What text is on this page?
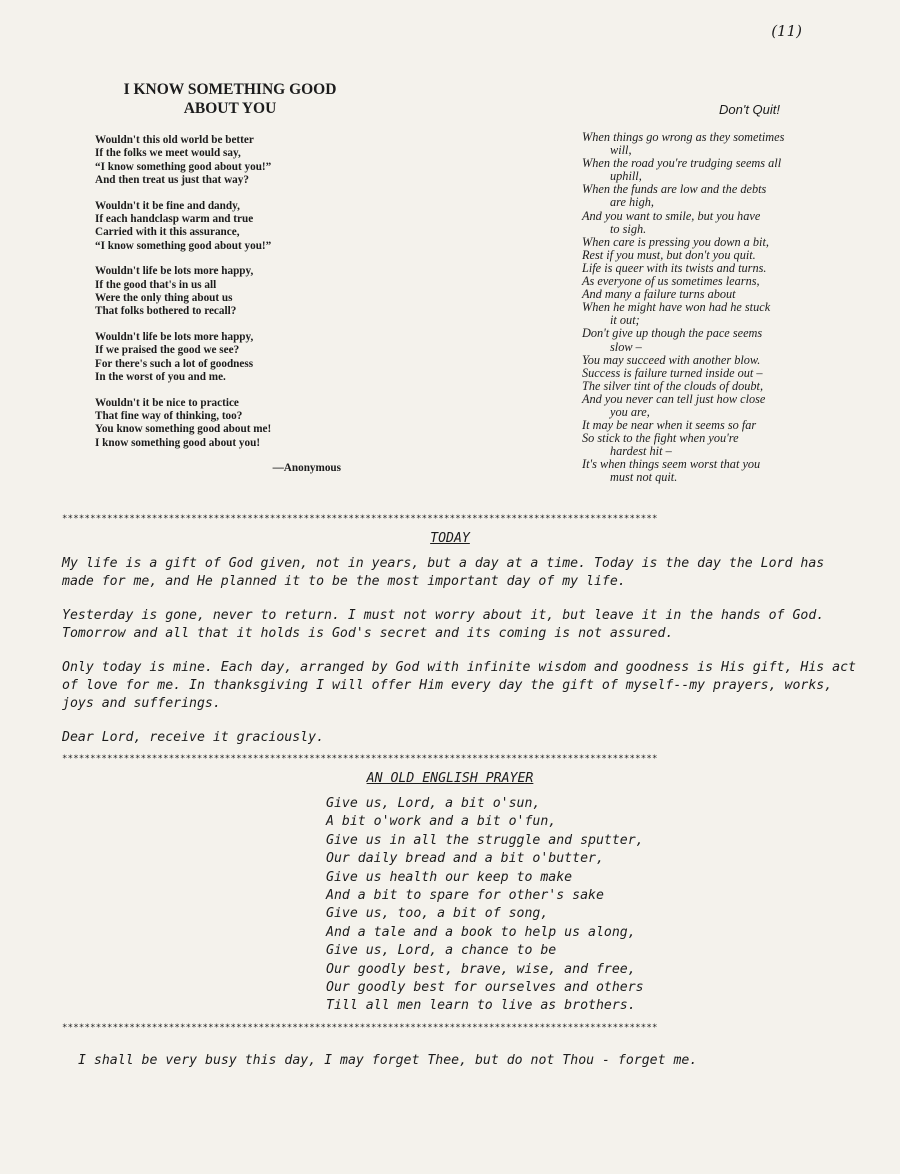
(11)
I KNOW SOMETHING GOOD
ABOUT YOU
Wouldn't this old world be better
If the folks we meet would say,
“I know something good about you!”
And then treat us just that way?
Wouldn't it be fine and dandy,
If each handclasp warm and true
Carried with it this assurance,
“I know something good about you!”
Wouldn't life be lots more happy,
If the good that's in us all
Were the only thing about us
That folks bothered to recall?
Wouldn't life be lots more happy,
If we praised the good we see?
For there's such a lot of goodness
In the worst of you and me.
Wouldn't it be nice to practice
That fine way of thinking, too?
You know something good about me!
I know something good about you!
—Anonymous
Don't Quit!
When things go wrong as they sometimes
will,
When the road you're trudging seems all
uphill,
When the funds are low and the debts
are high,
And you want to smile, but you have
to sigh.
When care is pressing you down a bit,
Rest if you must, but don't you quit.
Life is queer with its twists and turns.
As everyone of us sometimes learns,
And many a failure turns about
When he might have won had he stuck
it out;
Don't give up though the pace seems
slow –
You may succeed with another blow.
Success is failure turned inside out –
The silver tint of the clouds of doubt,
And you never can tell just how close
you are,
It may be near when it seems so far
So stick to the fight when you're
hardest hit –
It's when things seem worst that you
must not quit.
**********************************************************************************************************
TODAY

My life is a gift of God given, not in years, but a day at a time. Today is the day the Lord has made for me, and He planned it to be the most important day of my life.

Yesterday is gone, never to return. I must not worry about it, but leave it in the hands of God. Tomorrow and all that it holds is God's secret and its coming is not assured.

Only today is mine. Each day, arranged by God with infinite wisdom and goodness is His gift, His act of love for me. In thanksgiving I will offer Him every day the gift of myself--my prayers, works, joys and sufferings.

Dear Lord, receive it graciously.

**********************************************************************************************************
AN OLD ENGLISH PRAYER
Give us, Lord, a bit o'sun,
A bit o'work and a bit o'fun,
Give us in all the struggle and sputter,
Our daily bread and a bit o'butter,
Give us health our keep to make
And a bit to spare for other's sake
Give us, too, a bit of song,
And a tale and a book to help us along,
Give us, Lord, a chance to be
Our goodly best, brave, wise, and free,
Our goodly best for ourselves and others
Till all men learn to live as brothers.
**********************************************************************************************************
I shall be very busy this day, I may forget Thee, but do not Thou - forget me.
